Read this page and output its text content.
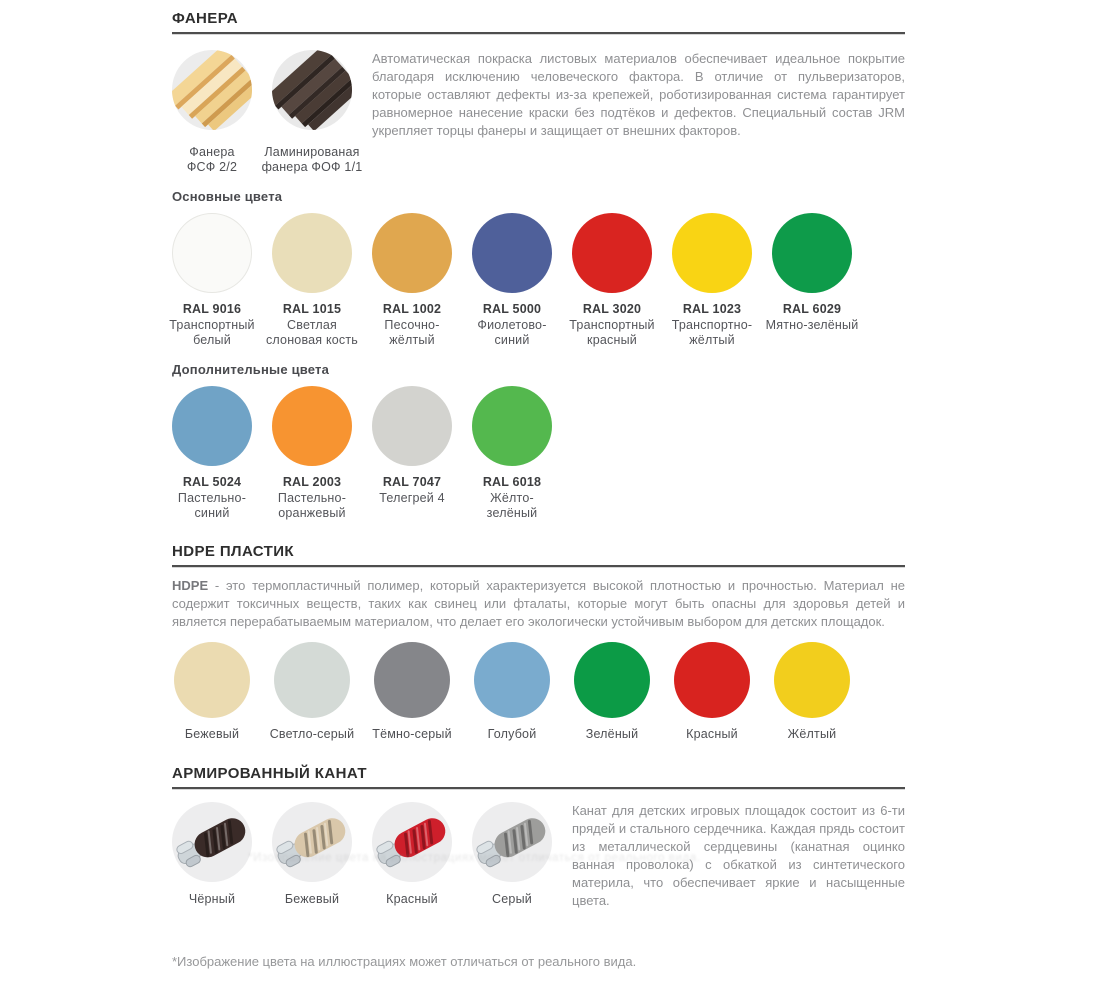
ФАНЕРА
Фанера
ФСФ 2/2
Ламинированая
фанера ФОФ 1/1

Автоматическая покраска листовых материалов обеспечивает идеальное покрытие благодаря исключению человеческого фактора. В отличие от пульверизаторов, которые оставляют дефекты из-за крепежей, роботизированная система гарантирует равномерное нанесение краски без подтёков и дефектов. Специальный состав JRM укрепляет торцы фанеры и защищает от внешних факторов.

Основные цвета
RAL 9016
Транспортный
белый
RAL 1015
Светлая
слоновая кость
RAL 1002
Песочно-
жёлтый
RAL 5000
Фиолетово-
синий
RAL 3020
Транспортный
красный
RAL 1023
Транспортно-
жёлтый
RAL 6029
Мятно-зелёный
Дополнительные цвета
RAL 5024
Пастельно-
синий
RAL 2003
Пастельно-
оранжевый
RAL 7047
Телегрей 4
RAL 6018
Жёлто-
зелёный
HDPE ПЛАСТИК

HDPE - это термопластичный полимер, который характеризуется высокой плотностью и прочностью. Материал не содержит токсичных веществ, таких как свинец или фталаты, которые могут быть опасны для здоровья детей и является перерабатываемым материалом, что делает его экологически устойчивым выбором для детских площадок.

Бежевый	Светло-серый	Тёмно-серый	Голубой	Зелёный	Красный	Жёлтый
АРМИРОВАННЫЙ КАНАТ
Чёрный	Бежевый	Красный	Серый

Канат для детских игровых площадок состоит из 6-ти прядей и стального сердечника. Каждая прядь состоит из металлической сердцевины (канатная оцинко ванная проволока) с обкаткой из синтетического материла, что обеспечивает яркие и насыщенные цвета.

*Изображение цвета на иллюстрациях может отличаться от реального вида.

*Изображение цвета на иллюстрациях может отличаться от реального вида.
